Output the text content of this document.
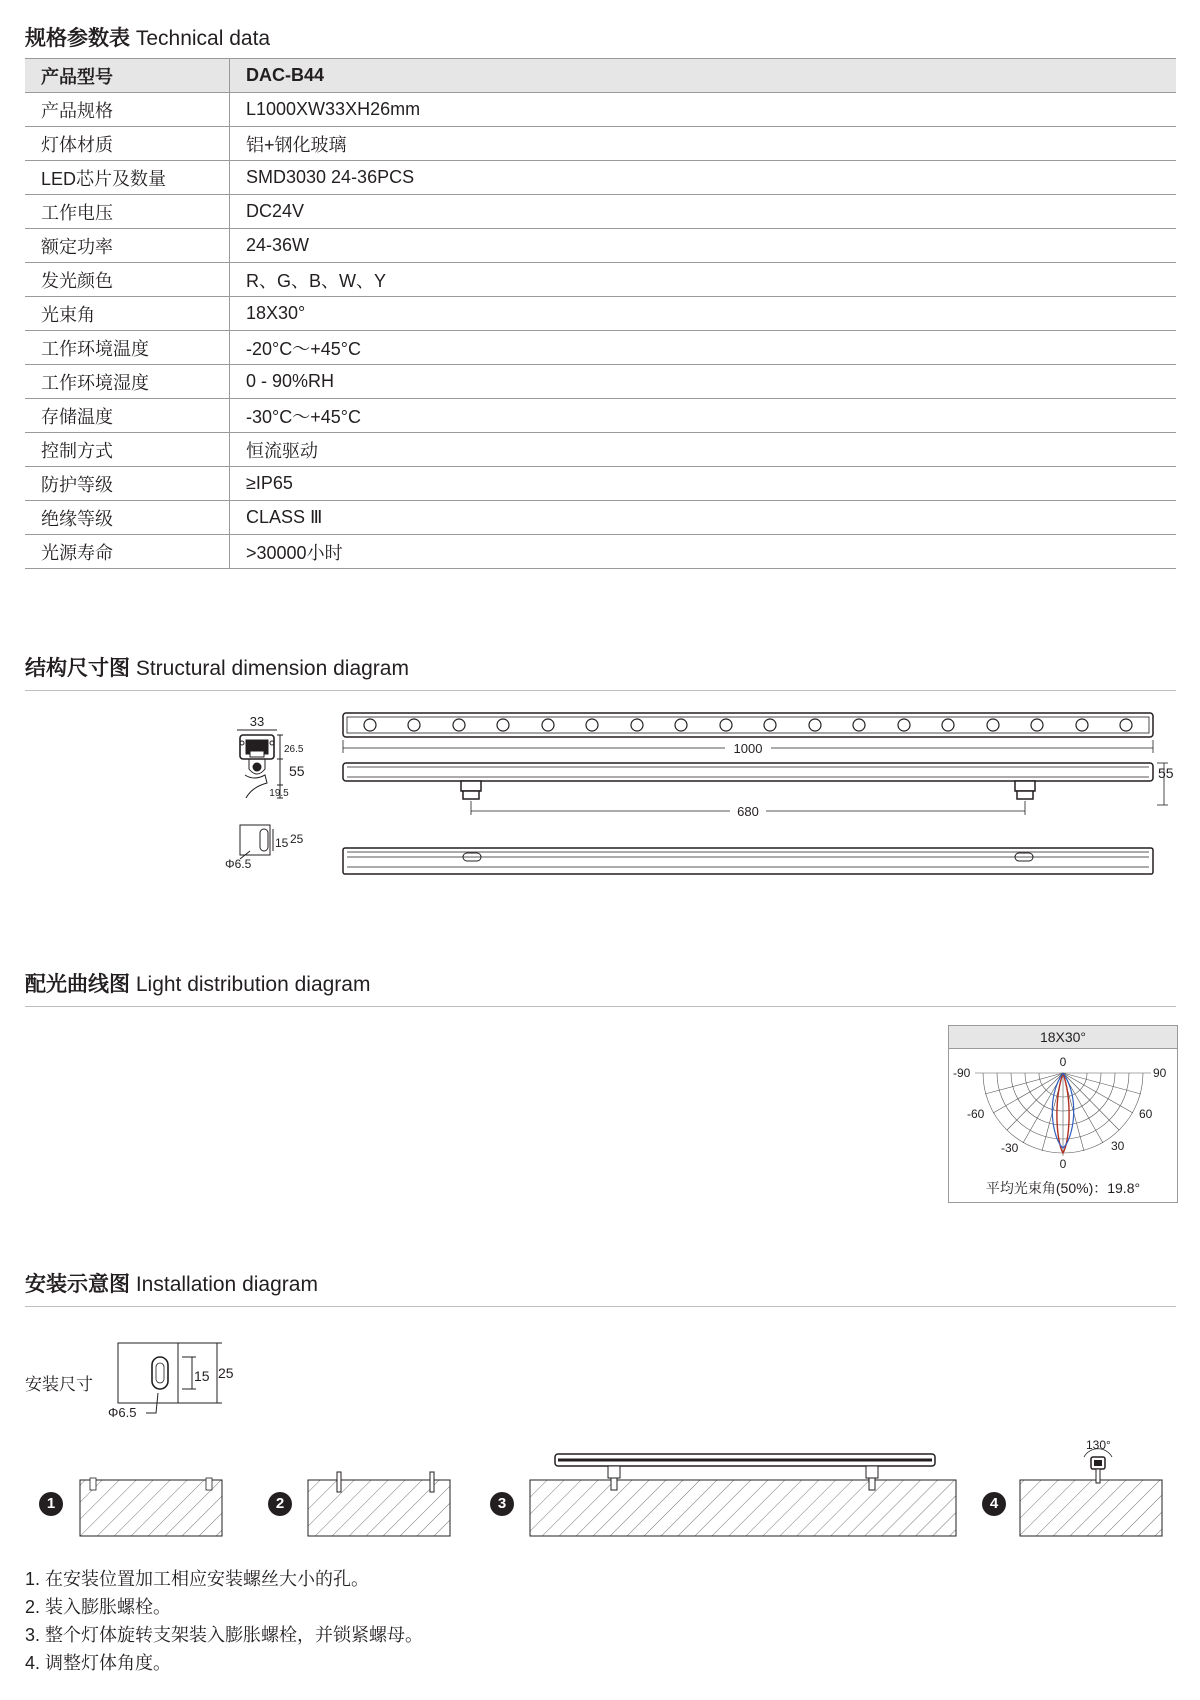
规格参数表 Technical data
产品型号	DAC-B44
产品规格	L1000XW33XH26mm
灯体材质	铝+钢化玻璃
LED芯片及数量	SMD3030 24-36PCS
工作电压	DC24V
额定功率	24-36W
发光颜色	R、G、B、W、Y
光束角	18X30°
工作环境温度	-20°C～+45°C
工作环境湿度	0 - 90%RH
存储温度	-30°C～+45°C
控制方式	恒流驱动
防护等级	≥IP65
绝缘等级	CLASS Ⅲ
光源寿命	>30000小时
结构尺寸图 Structural dimension diagram
33
26.5
55
19.5
15 25
Φ6.5
1000
55
680
配光曲线图 Light distribution diagram
18X30°
0
-90	90
-60	60
-30	30
0
平均光束角(50%)：19.8°
安装示意图 Installation diagram
安装尺寸	15 25
Φ6.5
1	2	3	4
130°
1. 在安装位置加工相应安装螺丝大小的孔。
2. 装入膨胀螺栓。
3. 整个灯体旋转支架装入膨胀螺栓，并锁紧螺母。
4. 调整灯体角度。
